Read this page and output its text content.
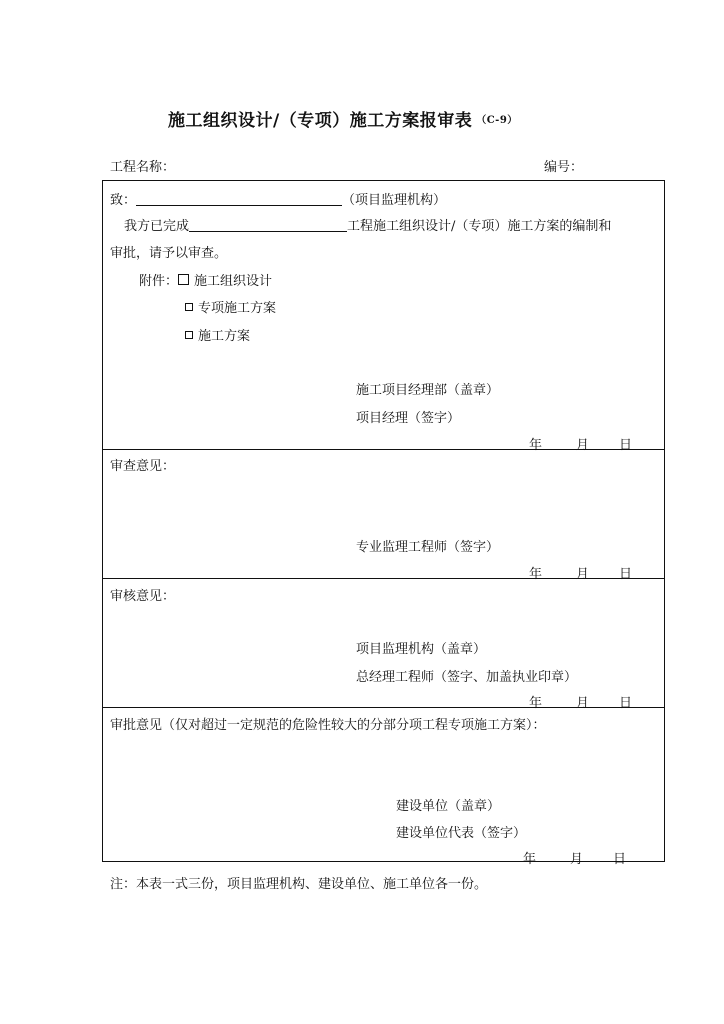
施工组织设计/（专项）施工方案报审表 （C-9）
工程名称：	编号：
致：	（项目监理机构）
我方已完成	工程施工组织设计/（专项）施工方案的编制和
审批，请予以审查。
附件： 施工组织设计
专项施工方案
施工方案
施工项目经理部（盖章）
项目经理（签字）
年	月 日
审查意见：
专业监理工程师（签字）
年	月 日
审核意见：
项目监理机构（盖章）
总经理工程师（签字、加盖执业印章）
年	月 日
审批意见（仅对超过一定规范的危险性较大的分部分项工程专项施工方案）：
建设单位（盖章）
建设单位代表（签字）
年	月 日
注：本表一式三份，项目监理机构、建设单位、施工单位各一份。
